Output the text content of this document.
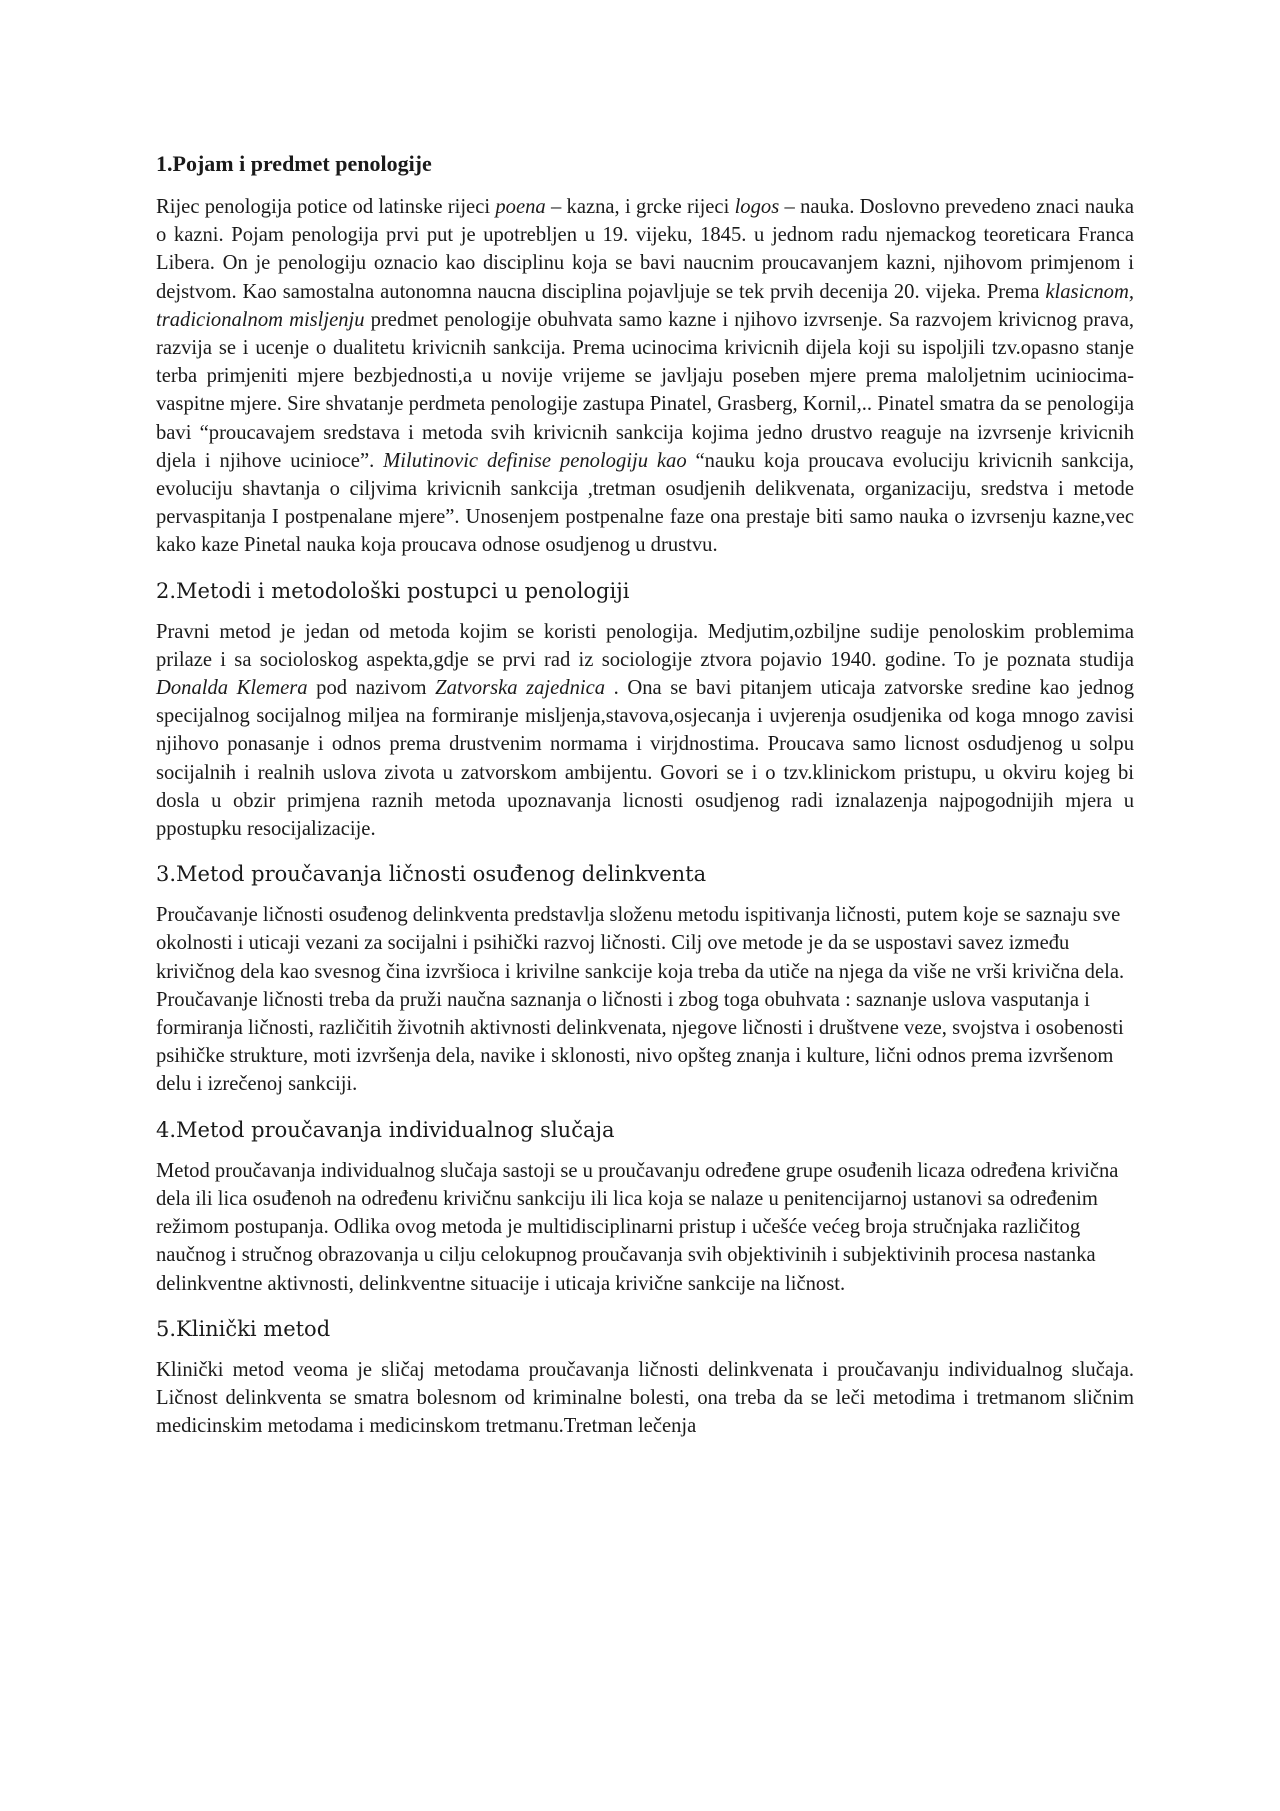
1.Pojam i predmet penologije

Rijec penologija potice od latinske rijeci poena – kazna, i grcke rijeci logos – nauka. Doslovno prevedeno znaci nauka o kazni. Pojam penologija prvi put je upotrebljen u 19. vijeku, 1845. u jednom radu njemackog teoreticara Franca Libera. On je penologiju oznacio kao disciplinu koja se bavi naucnim proucavanjem kazni, njihovom primjenom i dejstvom. Kao samostalna autonomna naucna disciplina pojavljuje se tek prvih decenija 20. vijeka. Prema klasicnom, tradicionalnom misljenju predmet penologije obuhvata samo kazne i njihovo izvrsenje. Sa razvojem krivicnog prava, razvija se i ucenje o dualitetu krivicnih sankcija. Prema ucinocima krivicnih dijela koji su ispoljili tzv.opasno stanje terba primjeniti mjere bezbjednosti,a u novije vrijeme se javljaju poseben mjere prema maloljetnim uciniocima-vaspitne mjere. Sire shvatanje perdmeta penologije zastupa Pinatel, Grasberg, Kornil,.. Pinatel smatra da se penologija bavi “proucavajem sredstava i metoda svih krivicnih sankcija kojima jedno drustvo reaguje na izvrsenje krivicnih djela i njihove ucinioce”. Milutinovic definise penologiju kao “nauku koja proucava evoluciju krivicnih sankcija, evoluciju shavtanja o ciljvima krivicnih sankcija ,tretman osudjenih delikvenata, organizaciju, sredstva i metode pervaspitanja I postpenalane mjere”. Unosenjem postpenalne faze ona prestaje biti samo nauka o izvrsenju kazne,vec kako kaze Pinetal nauka koja proucava odnose osudjenog u drustvu.

2.Metodi i metodološki postupci u penologiji

Pravni metod je jedan od metoda kojim se koristi penologija. Medjutim,ozbiljne sudije penoloskim problemima prilaze i sa socioloskog aspekta,gdje se prvi rad iz sociologije ztvora pojavio 1940. godine. To je poznata studija Donalda Klemera pod nazivom Zatvorska zajednica . Ona se bavi pitanjem uticaja zatvorske sredine kao jednog specijalnog socijalnog miljea na formiranje misljenja,stavova,osjecanja i uvjerenja osudjenika od koga mnogo zavisi njihovo ponasanje i odnos prema drustvenim normama i virjdnostima. Proucava samo licnost osdudjenog u solpu socijalnih i realnih uslova zivota u zatvorskom ambijentu. Govori se i o tzv.klinickom pristupu, u okviru kojeg bi dosla u obzir primjena raznih metoda upoznavanja licnosti osudjenog radi iznalazenja najpogodnijih mjera u ppostupku resocijalizacije.

3.Metod proučavanja ličnosti osuđenog delinkventa

Proučavanje ličnosti osuđenog delinkventa predstavlja složenu metodu ispitivanja ličnosti, putem koje se saznaju sve okolnosti i uticaji vezani za socijalni i psihički razvoj ličnosti. Cilj ove metode je da se uspostavi savez između krivičnog dela kao svesnog čina izvršioca i krivilne sankcije koja treba da utiče na njega da više ne vrši krivična dela. Proučavanje ličnosti treba da pruži naučna saznanja o ličnosti i zbog toga obuhvata : saznanje uslova vasputanja i formiranja ličnosti, različitih životnih aktivnosti delinkvenata, njegove ličnosti i društvene veze, svojstva i osobenosti psihičke strukture, moti izvršenja dela, navike i sklonosti, nivo opšteg znanja i kulture, lični odnos prema izvršenom delu i izrečenoj sankciji.

4.Metod proučavanja individualnog slučaja

Metod proučavanja individualnog slučaja sastoji se u proučavanju određene grupe osuđenih licaza određena krivična dela ili lica osuđenoh na određenu krivičnu sankciju ili lica koja se nalaze u penitencijarnoj ustanovi sa određenim režimom postupanja. Odlika ovog metoda je multidisciplinarni pristup i učešće većeg broja stručnjaka različitog naučnog i stručnog obrazovanja u cilju celokupnog proučavanja svih objektivinih i subjektivinih procesa nastanka delinkventne aktivnosti, delinkventne situacije i uticaja krivične sankcije na ličnost.

5.Klinički metod

Klinički metod veoma je sličaj metodama proučavanja ličnosti delinkvenata i proučavanju individualnog slučaja. Ličnost delinkventa se smatra bolesnom od kriminalne bolesti, ona treba da se leči metodima i tretmanom sličnim medicinskim metodama i medicinskom tretmanu.Tretman lečenja
